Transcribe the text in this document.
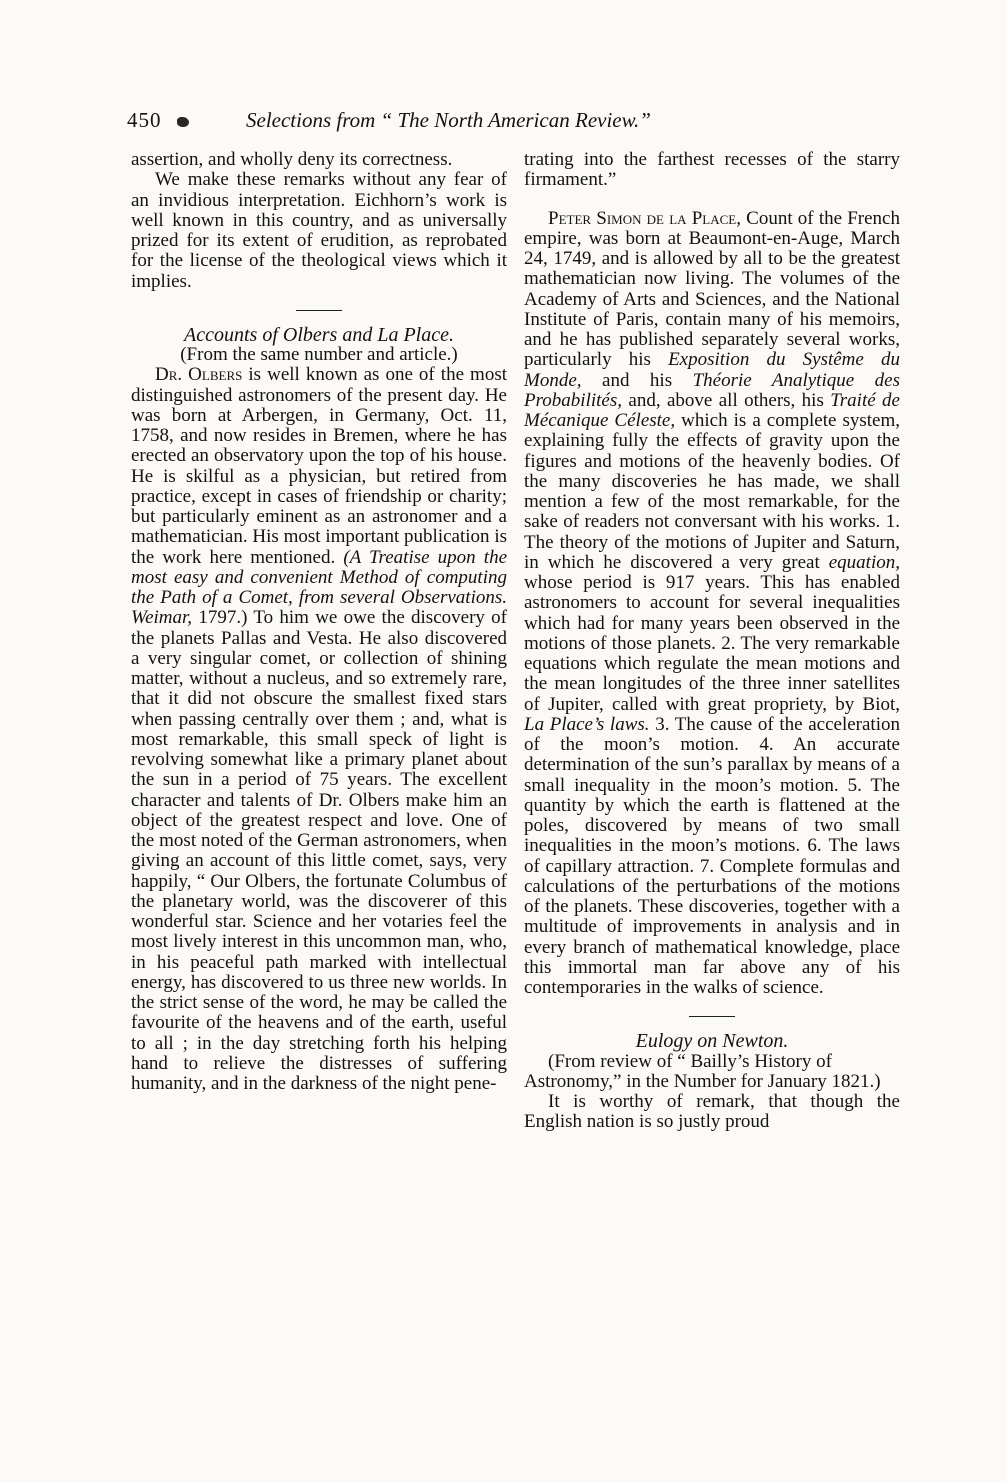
450	Selections from “ The North American Review.”

assertion, and wholly deny its correctness.

We make these remarks without any fear of an invidious interpretation. Eichhorn’s work is well known in this country, and as universally prized for its extent of erudition, as reprobated for the license of the theological views which it implies.

Accounts of Olbers and La Place.

(From the same number and article.)

Dr. Olbers is well known as one of the most distinguished astronomers of the present day. He was born at Arbergen, in Germany, Oct. 11, 1758, and now resides in Bremen, where he has erected an observatory upon the top of his house. He is skilful as a physician, but retired from practice, except in cases of friendship or charity; but particularly eminent as an astronomer and a mathematician. His most important publication is the work here mentioned. (A Treatise upon the most easy and convenient Method of computing the Path of a Comet, from several Observations. Weimar, 1797.) To him we owe the discovery of the planets Pallas and Vesta. He also discovered a very singular comet, or collection of shining matter, without a nucleus, and so extremely rare, that it did not obscure the smallest fixed stars when passing centrally over them ; and, what is most remarkable, this small speck of light is revolving somewhat like a primary planet about the sun in a period of 75 years. The excellent character and talents of Dr. Olbers make him an object of the greatest respect and love. One of the most noted of the German astronomers, when giving an account of this little comet, says, very happily, “ Our Olbers, the fortunate Columbus of the planetary world, was the discoverer of this wonderful star. Science and her votaries feel the most lively interest in this uncommon man, who, in his peaceful path marked with intellectual energy, has discovered to us three new worlds. In the strict sense of the word, he may be called the favourite of the heavens and of the earth, useful to all ; in the day stretching forth his helping hand to relieve the distresses of suffering humanity, and in the darkness of the night pene-

trating into the farthest recesses of the starry firmament.”

Peter Simon de la Place, Count of the French empire, was born at Beaumont-en-Auge, March 24, 1749, and is allowed by all to be the greatest mathematician now living. The volumes of the Academy of Arts and Sciences, and the National Institute of Paris, contain many of his memoirs, and he has published separately several works, particularly his Exposition du Systême du Monde, and his Théorie Analytique des Probabilités, and, above all others, his Traité de Mécanique Céleste, which is a complete system, explaining fully the effects of gravity upon the figures and motions of the heavenly bodies. Of the many discoveries he has made, we shall mention a few of the most remarkable, for the sake of readers not conversant with his works. 1. The theory of the motions of Jupiter and Saturn, in which he discovered a very great equation, whose period is 917 years. This has enabled astronomers to account for several inequalities which had for many years been observed in the motions of those planets. 2. The very remarkable equations which regulate the mean motions and the mean longitudes of the three inner satellites of Jupiter, called with great propriety, by Biot, La Place’s laws. 3. The cause of the acceleration of the moon’s motion. 4. An accurate determination of the sun’s parallax by means of a small inequality in the moon’s motion. 5. The quantity by which the earth is flattened at the poles, discovered by means of two small inequalities in the moon’s motions. 6. The laws of capillary attraction. 7. Complete formulas and calculations of the perturbations of the motions of the planets. These discoveries, together with a multitude of improvements in analysis and in every branch of mathematical knowledge, place this immortal man far above any of his contemporaries in the walks of science.

Eulogy on Newton.

(From review of “ Bailly’s History of Astronomy,” in the Number for January 1821.)

It is worthy of remark, that though the English nation is so justly proud
